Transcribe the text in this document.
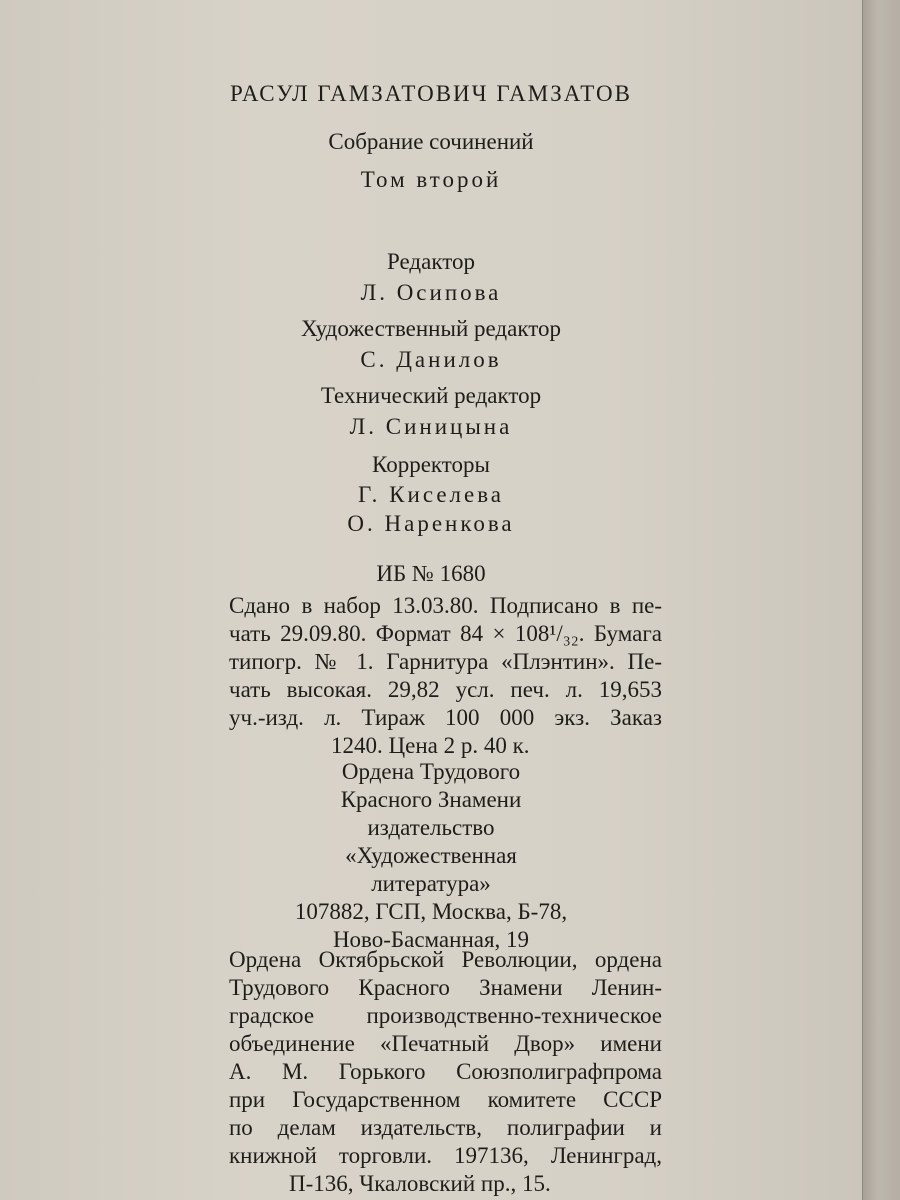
РАСУЛ ГАМЗАТОВИЧ ГАМЗАТОВ
Собрание сочинений
Том второй
Редактор
Л. Осипова
Художественный редактор
С. Данилов
Технический редактор
Л. Синицына
Корректоры
Г. Киселева
О. Наренкова
ИБ № 1680
Сдано в набор 13.03.80. Подписано в пе-
чать 29.09.80. Формат 84 × 108¹/₃₂. Бумага
типогр. № 1. Гарнитура «Плэнтин». Пе-
чать высокая. 29,82 усл. печ. л. 19,653
уч.-изд. л. Тираж 100 000 экз. Заказ
1240. Цена 2 р. 40 к.
Ордена Трудового
Красного Знамени
издательство
«Художественная
литература»
107882, ГСП, Москва, Б-78,
Ново-Басманная, 19
Ордена Октябрьской Революции, ордена
Трудового Красного Знамени Ленин-
градское производственно-техническое
объединение «Печатный Двор» имени
А. М. Горького Союзполиграфпрома
при Государственном комитете СССР
по делам издательств, полиграфии и
книжной торговли. 197136, Ленинград,
П-136, Чкаловский пр., 15.
